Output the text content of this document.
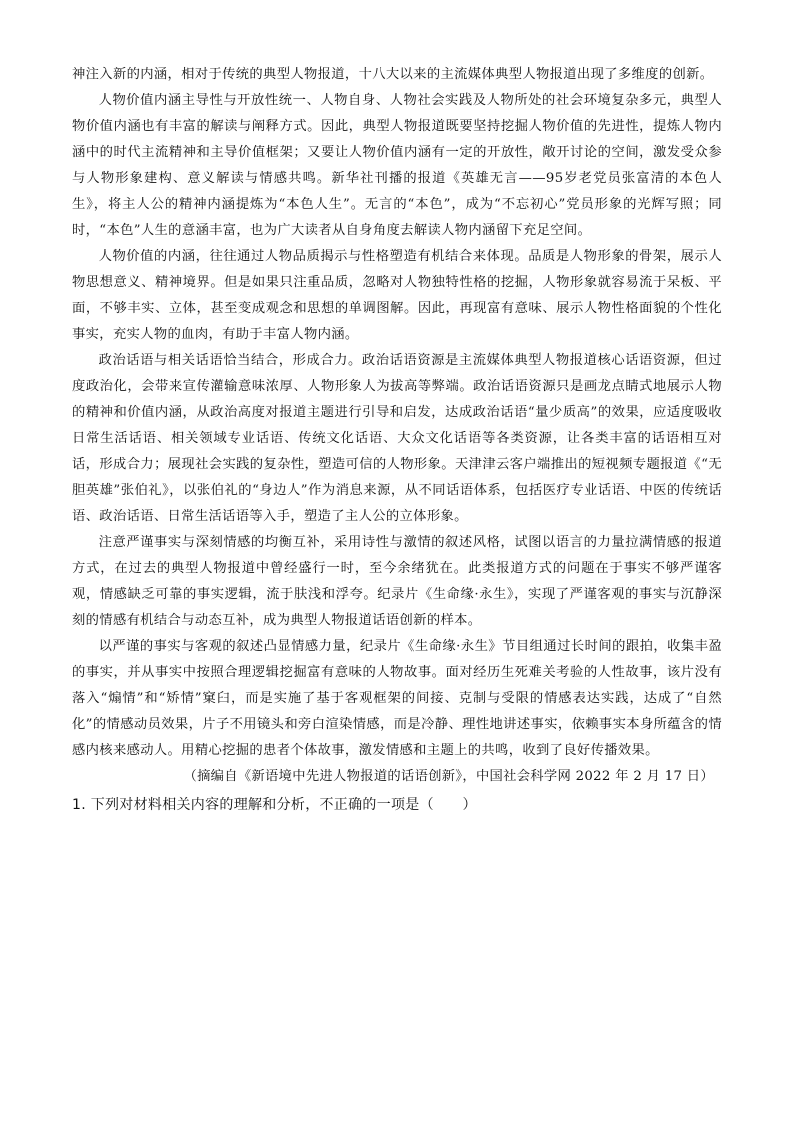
神注入新的内涵，相对于传统的典型人物报道，十八大以来的主流媒体典型人物报道出现了多维度的创新。

人物价值内涵主导性与开放性统一、人物自身、人物社会实践及人物所处的社会环境复杂多元，典型人物价值内涵也有丰富的解读与阐释方式。因此，典型人物报道既要坚持挖掘人物价值的先进性，提炼人物内涵中的时代主流精神和主导价值框架；又要让人物价值内涵有一定的开放性，敞开讨论的空间，激发受众参与人物形象建构、意义解读与情感共鸣。新华社刊播的报道《英雄无言——95岁老党员张富清的本色人生》，将主人公的精神内涵提炼为“本色人生”。无言的“本色”，成为“不忘初心”党员形象的光辉写照；同时，“本色”人生的意涵丰富，也为广大读者从自身角度去解读人物内涵留下充足空间。

人物价值的内涵，往往通过人物品质揭示与性格塑造有机结合来体现。品质是人物形象的骨架，展示人物思想意义、精神境界。但是如果只注重品质，忽略对人物独特性格的挖掘，人物形象就容易流于呆板、平面，不够丰实、立体，甚至变成观念和思想的单调图解。因此，再现富有意味、展示人物性格面貌的个性化事实，充实人物的血肉，有助于丰富人物内涵。

政治话语与相关话语恰当结合，形成合力。政治话语资源是主流媒体典型人物报道核心话语资源，但过度政治化，会带来宣传灌输意味浓厚、人物形象人为拔高等弊端。政治话语资源只是画龙点睛式地展示人物的精神和价值内涵，从政治高度对报道主题进行引导和启发，达成政治话语“量少质高”的效果，应适度吸收日常生活话语、相关领域专业话语、传统文化话语、大众文化话语等各类资源，让各类丰富的话语相互对话，形成合力；展现社会实践的复杂性，塑造可信的人物形象。天津津云客户端推出的短视频专题报道《“无胆英雄”张伯礼》，以张伯礼的“身边人”作为消息来源，从不同话语体系，包括医疗专业话语、中医的传统话语、政治话语、日常生活话语等入手，塑造了主人公的立体形象。

注意严谨事实与深刻情感的均衡互补，采用诗性与激情的叙述风格，试图以语言的力量拉满情感的报道方式，在过去的典型人物报道中曾经盛行一时，至今余绪犹在。此类报道方式的问题在于事实不够严谨客观，情感缺乏可靠的事实逻辑，流于肤浅和浮夸。纪录片《生命缘·永生》，实现了严谨客观的事实与沉静深刻的情感有机结合与动态互补，成为典型人物报道话语创新的样本。

以严谨的事实与客观的叙述凸显情感力量，纪录片《生命缘·永生》节目组通过长时间的跟拍，收集丰盈的事实，并从事实中按照合理逻辑挖掘富有意味的人物故事。面对经历生死难关考验的人性故事，该片没有落入“煽情”和“矫情”窠臼，而是实施了基于客观框架的间接、克制与受限的情感表达实践，达成了“自然化”的情感动员效果，片子不用镜头和旁白渲染情感，而是冷静、理性地讲述事实，依赖事实本身所蕴含的情感内核来感动人。用精心挖掘的患者个体故事，激发情感和主题上的共鸣，收到了良好传播效果。

（摘编自《新语境中先进人物报道的话语创新》，中国社会科学网 2022 年 2 月 17 日）

1. 下列对材料相关内容的理解和分析，不正确的一项是（　　）
